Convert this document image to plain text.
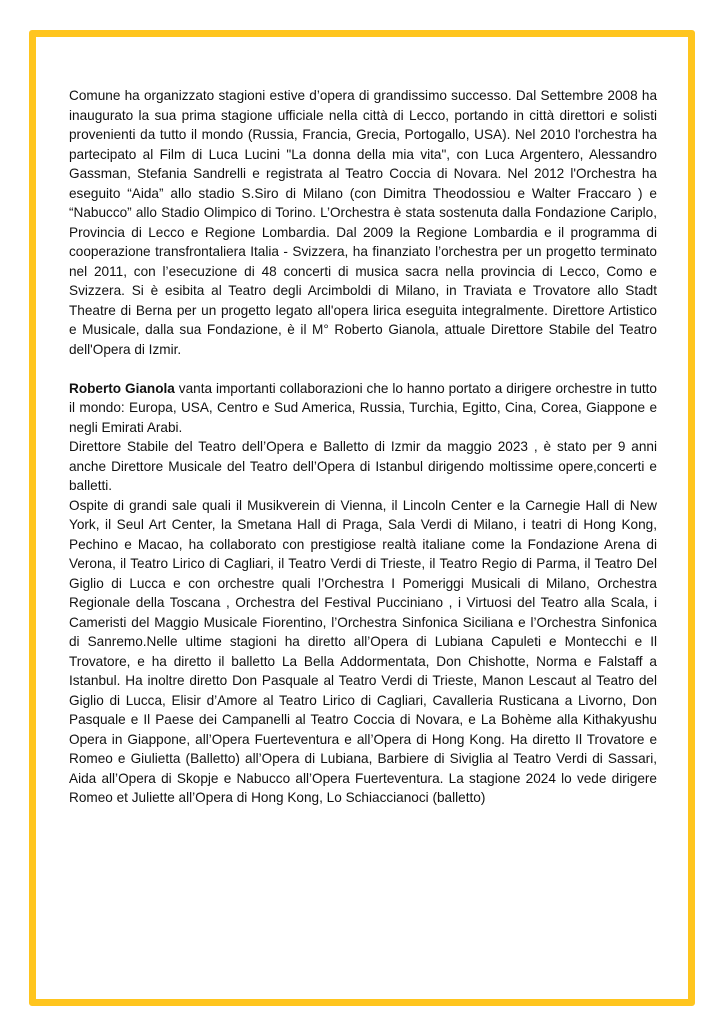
Comune ha organizzato stagioni estive d’opera di grandissimo successo. Dal Settembre 2008 ha inaugurato la sua prima stagione ufficiale nella città di Lecco, portando in città direttori e solisti provenienti da tutto il mondo (Russia, Francia, Grecia, Portogallo, USA). Nel 2010 l'orchestra ha partecipato al Film di Luca Lucini "La donna della mia vita", con Luca Argentero, Alessandro Gassman, Stefania Sandrelli e registrata al Teatro Coccia di Novara. Nel 2012 l'Orchestra ha eseguito “Aida” allo stadio S.Siro di Milano (con Dimitra Theodossiou e Walter Fraccaro ) e “Nabucco” allo Stadio Olimpico di Torino. L’Orchestra è stata sostenuta dalla Fondazione Cariplo, Provincia di Lecco e Regione Lombardia. Dal 2009 la Regione Lombardia e il programma di cooperazione transfrontaliera Italia - Svizzera, ha finanziato l’orchestra per un progetto terminato nel 2011, con l’esecuzione di 48 concerti di musica sacra nella provincia di Lecco, Como e Svizzera. Si è esibita al Teatro degli Arcimboldi di Milano, in Traviata e Trovatore allo Stadt Theatre di Berna per un progetto legato all'opera lirica eseguita integralmente. Direttore Artistico e Musicale, dalla sua Fondazione, è il M° Roberto Gianola, attuale Direttore Stabile del Teatro dell'Opera di Izmir.

Roberto Gianola vanta importanti collaborazioni che lo hanno portato a dirigere orchestre in tutto il mondo: Europa, USA, Centro e Sud America, Russia, Turchia, Egitto, Cina, Corea, Giappone e negli Emirati Arabi.

Direttore Stabile del Teatro dell’Opera e Balletto di Izmir da maggio 2023 , è stato per 9 anni anche Direttore Musicale del Teatro dell’Opera di Istanbul dirigendo moltissime opere,concerti e balletti.

Ospite di grandi sale quali il Musikverein di Vienna, il Lincoln Center e la Carnegie Hall di New York, il Seul Art Center, la Smetana Hall di Praga, Sala Verdi di Milano, i teatri di Hong Kong, Pechino e Macao, ha collaborato con prestigiose realtà italiane come la Fondazione Arena di Verona, il Teatro Lirico di Cagliari, il Teatro Verdi di Trieste, il Teatro Regio di Parma, il Teatro Del Giglio di Lucca e con orchestre quali l’Orchestra I Pomeriggi Musicali di Milano, Orchestra Regionale della Toscana , Orchestra del Festival Pucciniano , i Virtuosi del Teatro alla Scala, i Cameristi del Maggio Musicale Fiorentino, l’Orchestra Sinfonica Siciliana e l’Orchestra Sinfonica di Sanremo.Nelle ultime stagioni ha diretto all’Opera di Lubiana Capuleti e Montecchi e Il Trovatore, e ha diretto il balletto La Bella Addormentata, Don Chishotte, Norma e Falstaff a Istanbul. Ha inoltre diretto Don Pasquale al Teatro Verdi di Trieste, Manon Lescaut al Teatro del Giglio di Lucca, Elisir d’Amore al Teatro Lirico di Cagliari, Cavalleria Rusticana a Livorno, Don Pasquale e Il Paese dei Campanelli al Teatro Coccia di Novara, e La Bohème alla Kithakyushu Opera in Giappone, all’Opera Fuerteventura e all’Opera di Hong Kong. Ha diretto Il Trovatore e Romeo e Giulietta (Balletto) all’Opera di Lubiana, Barbiere di Siviglia al Teatro Verdi di Sassari, Aida all’Opera di Skopje e Nabucco all’Opera Fuerteventura. La stagione 2024 lo vede dirigere Romeo et Juliette all’Opera di Hong Kong, Lo Schiaccianoci (balletto)
